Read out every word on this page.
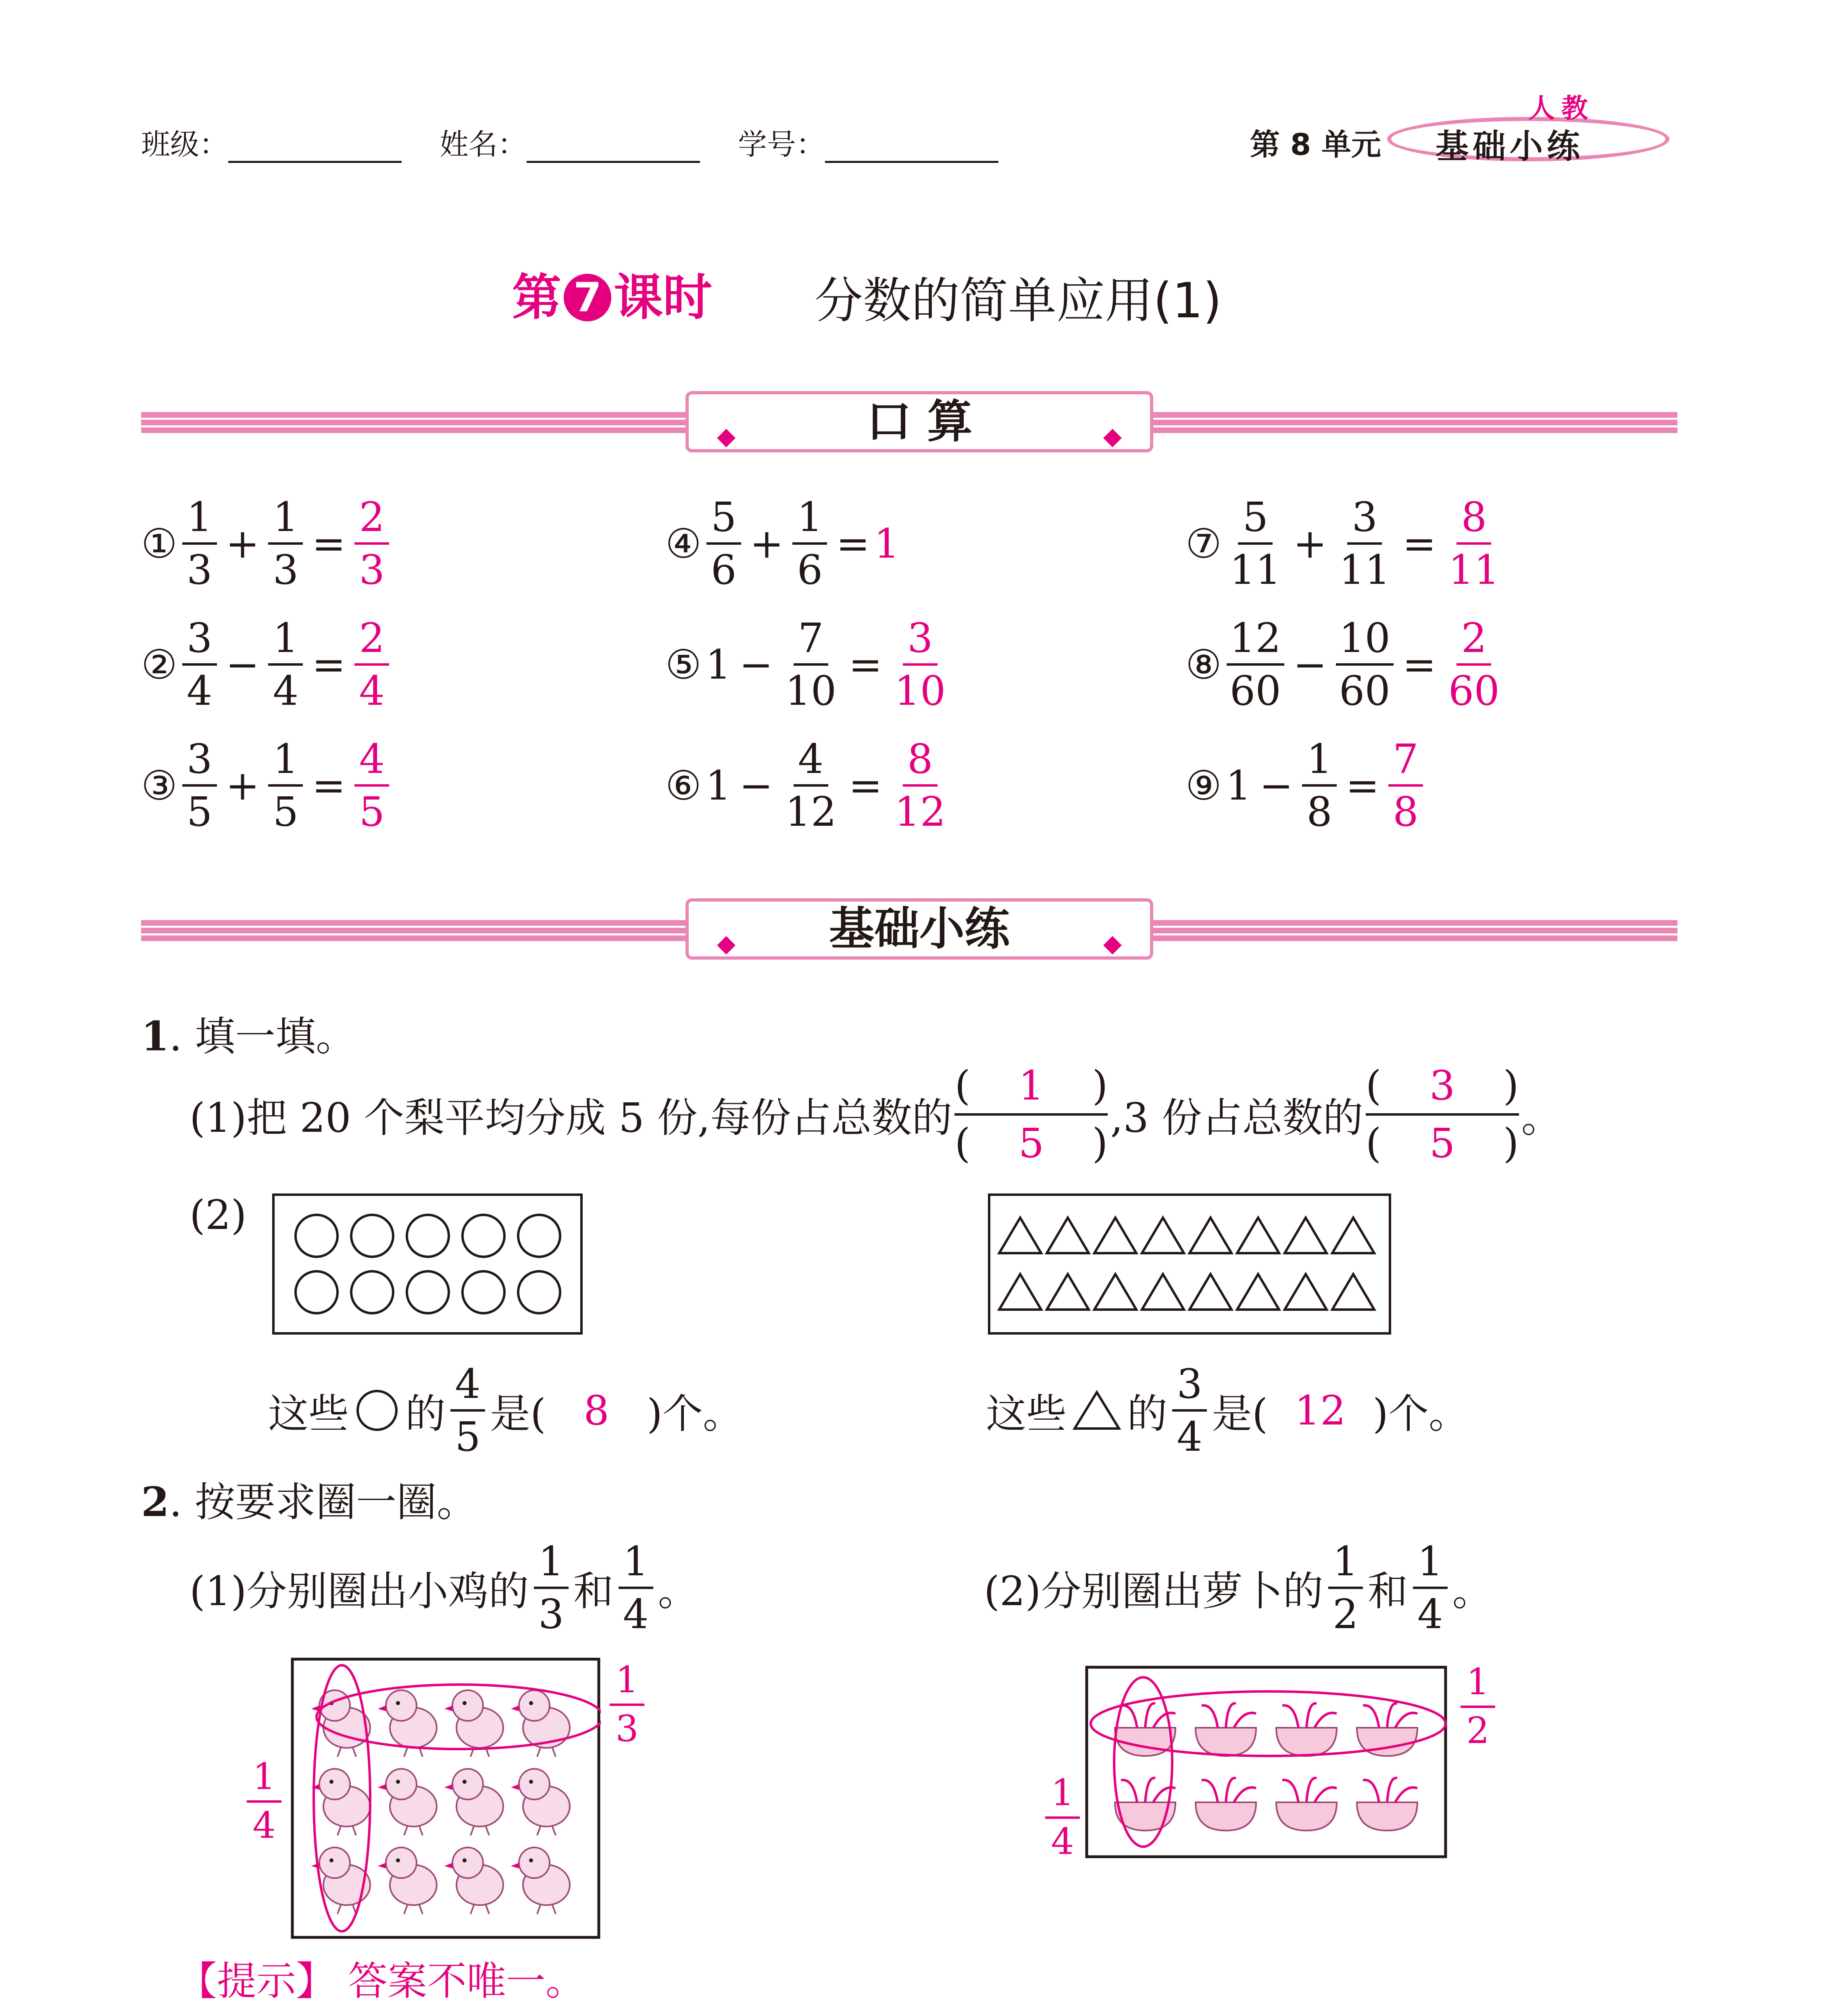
班级：	姓名：	学号：	第 8 单元
人教
基础小练
第 7 课时 分数的简单应用(1)
◆	口 算	◆
① $\frac{1}{3} + \frac{1}{3} = \frac{2}{3}$	④ $\frac{5}{6} + \frac{1}{6} = 1$	⑦ $\frac{5}{11} + \frac{3}{11} = \frac{8}{11}$
② $\frac{3}{4} - \frac{1}{4} = \frac{2}{4}$	⑤ $1 - \frac{7}{10} = \frac{3}{10}$	⑧ $\frac{12}{60} - \frac{10}{60} = \frac{2}{60}$
③ $\frac{3}{5} + \frac{1}{5} = \frac{4}{5}$	⑥ $1 - \frac{4}{12} = \frac{8}{12}$	⑨ $1 - \frac{1}{8} = \frac{7}{8}$
◆ 基础小练	◆
1. 填一填。
(1)把 20 个梨平均分成 5 份,每份占总数的
( 1 )
( 5 )
,3 份占总数的
( 3 )
( 5 )
。
(2)
这些 的 $\frac{4}{5}$ 是( 8 )个。	这些 的 $\frac{3}{4}$ 是( 12 )个。
2. 按要求圈一圈。
(1)分别圈出小鸡的 $\frac{1}{3}$ 和 $\frac{1}{4}$ 。	(2)分别圈出萝卜的 $\frac{1}{2}$ 和 $\frac{1}{4}$ 。
$\frac{1}{3}$
$\frac{1}{4}$
$\frac{1}{2}$
$\frac{1}{4}$
【提示】 答案不唯一。
